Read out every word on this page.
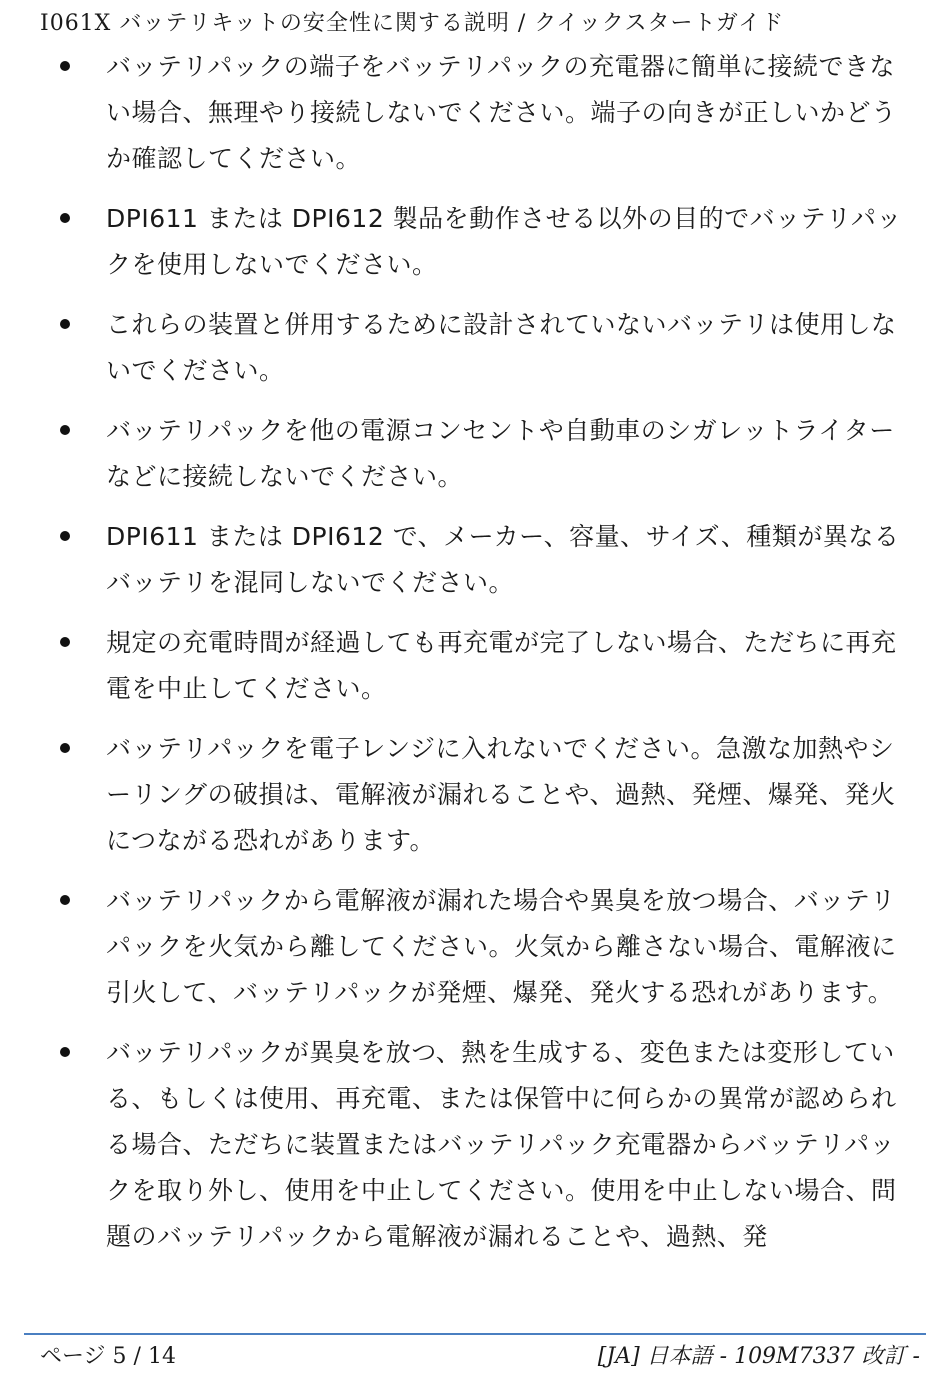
I061X バッテリキットの安全性に関する説明 / クイックスタートガイド
バッテリパックの端子をバッテリパックの充電器に簡単に接続できない場合、無理やり接続しないでください。端子の向きが正しいかどうか確認してください。
DPI611 または DPI612 製品を動作させる以外の目的でバッテリパックを使用しないでください。
これらの装置と併用するために設計されていないバッテリは使用しないでください。
バッテリパックを他の電源コンセントや自動車のシガレットライターなどに接続しないでください。
DPI611 または DPI612 で、メーカー、容量、サイズ、種類が異なるバッテリを混同しないでください。
規定の充電時間が経過しても再充電が完了しない場合、ただちに再充電を中止してください。
バッテリパックを電子レンジに入れないでください。急激な加熱やシーリングの破損は、電解液が漏れることや、過熱、発煙、爆発、発火につながる恐れがあります。
バッテリパックから電解液が漏れた場合や異臭を放つ場合、バッテリパックを火気から離してください。火気から離さない場合、電解液に引火して、バッテリパックが発煙、爆発、発火する恐れがあります。
バッテリパックが異臭を放つ、熱を生成する、変色または変形している、もしくは使用、再充電、または保管中に何らかの異常が認められる場合、ただちに装置またはバッテリパック充電器からバッテリパックを取り外し、使用を中止してください。使用を中止しない場合、問題のバッテリパックから電解液が漏れることや、過熱、発
ページ 5 / 14	[JA] 日本語 - 109M7337 改訂 -
